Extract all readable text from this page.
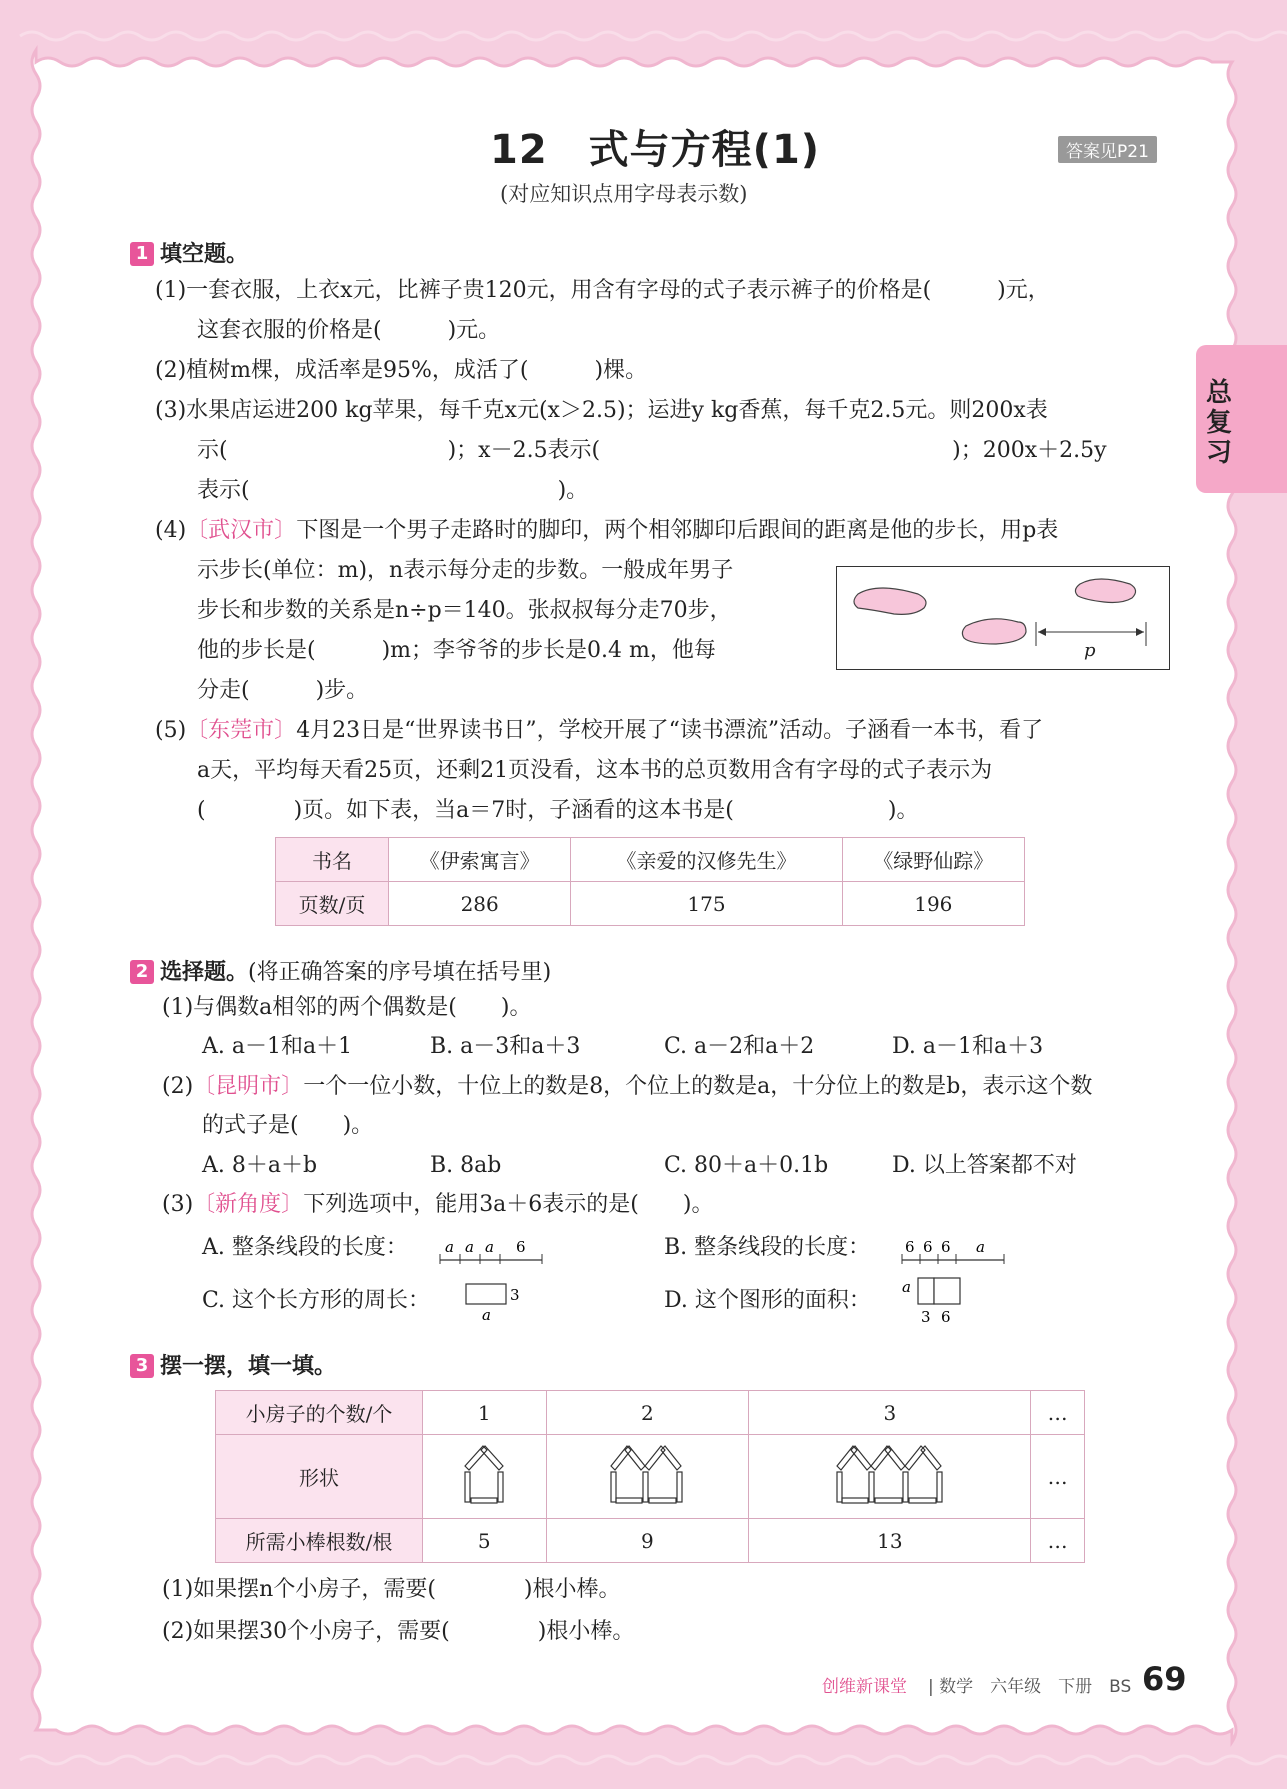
总复习
12　式与方程(1)	答案见P21
(对应知识点用字母表示数)
1 填空题。
(1)一套衣服，上衣x元，比裤子贵120元，用含有字母的式子表示裤子的价格是(　　　)元，
这套衣服的价格是(　　　)元。
(2)植树m棵，成活率是95%，成活了(　　　)棵。
(3)水果店运进200 kg苹果，每千克x元(x＞2.5)；运进y kg香蕉，每千克2.5元。则200x表
示(　　　　　　　　　　)；x－2.5表示(　　　　　　　　　　　　　　　　)；200x＋2.5y
表示(　　　　　　　　　　　　　　)。
(4)〔武汉市〕下图是一个男子走路时的脚印，两个相邻脚印后跟间的距离是他的步长，用p表
示步长(单位：m)，n表示每分走的步数。一般成年男子
步长和步数的关系是n÷p＝140。张叔叔每分走70步，
他的步长是(　　　)m；李爷爷的步长是0.4 m，他每
分走(　　　)步。
p
(5)〔东莞市〕4月23日是“世界读书日”，学校开展了“读书漂流”活动。子涵看一本书，看了
a天，平均每天看25页，还剩21页没看，这本书的总页数用含有字母的式子表示为
(　　　　)页。如下表，当a＝7时，子涵看的这本书是(　　　　　　　)。
书名	《伊索寓言》	《亲爱的汉修先生》	《绿野仙踪》
页数/页	286	175	196
2 选择题。(将正确答案的序号填在括号里)
(1)与偶数a相邻的两个偶数是(　　)。
A. a－1和a＋1	B. a－3和a＋3	C. a－2和a＋2	D. a－1和a＋3
(2)〔昆明市〕一个一位小数，十位上的数是8，个位上的数是a，十分位上的数是b，表示这个数
的式子是(　　)。
A. 8＋a＋b	B. 8ab	C. 80＋a＋0.1b	D. 以上答案都不对
(3)〔新角度〕下列选项中，能用3a＋6表示的是(　　)。
A. 整条线段的长度： a a a 6	B. 整条线段的长度： 6 6 6 a
C. 这个长方形的周长：	3
a
D. 这个图形的面积：
a
3 6
3 摆一摆，填一填。
小房子的个数/个	1	2	3	…
形状				…
所需小棒根数/根	5	9	13	…
(1)如果摆n个小房子，需要(　　　　)根小棒。
(2)如果摆30个小房子，需要(　　　　)根小棒。
创维新课堂 | 数学　六年级　下册　BS 69
